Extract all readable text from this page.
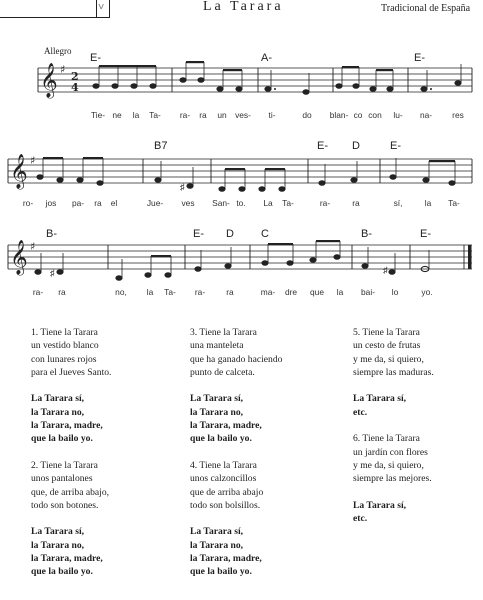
<	La Tarara	Tradicional de España
Allegro
𝄞
𝄞
𝄞
♯
♯
♯
2
4
♯
♯	♯
E-	A-	E-
B7	E- D	E-
B-	E- D C	B-	E-
Tie- ne la Ta- ra- ra un ves- ti-	do blan- co con lu- na- res
ro- jos pa- ra el	Jue- ves San- to. La Ta-	ra-	ra	sí,	la Ta-
ra- ra	no, la Ta- ra-	ra	ma- dre que la bai- lo	yo.
1. Tiene la Tarara
un vestido blanco
con lunares rojos
para el Jueves Santo.
La Tarara sí,
la Tarara no,
la Tarara, madre,
que la bailo yo.
2. Tiene la Tarara
unos pantalones
que, de arriba abajo,
todo son botones.
La Tarara sí,
la Tarara no,
la Tarara, madre,
que la bailo yo.
3. Tiene la Tarara
una manteleta
que ha ganado haciendo
punto de calceta.
La Tarara sí,
la Tarara no,
la Tarara, madre,
que la bailo yo.
4. Tiene la Tarara
unos calzoncillos
que de arriba abajo
todo son bolsillos.
La Tarara sí,
la Tarara no,
la Tarara, madre,
que la bailo yo.
5. Tiene la Tarara
un cesto de frutas
y me da, si quiero,
siempre las maduras.
La Tarara sí,
etc.
6. Tiene la Tarara
un jardín con flores
y me da, si quiero,
siempre las mejores.
La Tarara sí,
etc.
